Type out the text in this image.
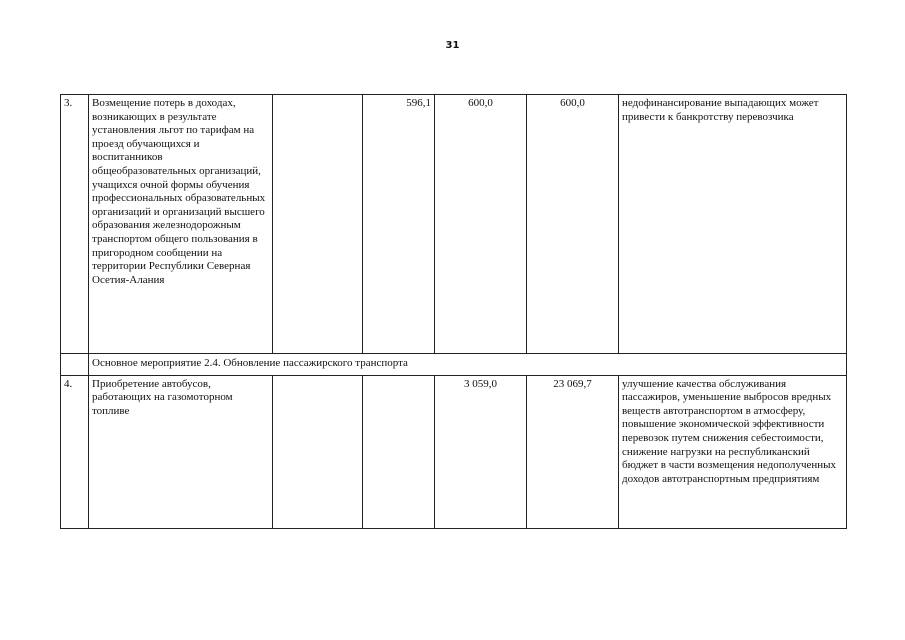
31
3.	Возмещение потерь в доходах, возникающих в результате установления льгот по тарифам на проезд обучающихся и воспитанников общеобразовательных организаций, учащихся очной формы обучения профессиональных образовательных организаций и организаций высшего образования железнодорожным транспортом общего пользования в пригородном сообщении на территории Республики Северная Осетия-Алания		596,1	600,0	600,0	недофинансирование выпадающих может привести к банкротству перевозчика
	Основное мероприятие 2.4. Обновление пассажирского транспорта					
4.	Приобретение автобусов, работающих на газомоторном топливе			3 059,0	23 069,7	улучшение качества обслуживания пассажиров, уменьшение выбросов вредных веществ автотранспортом в атмосферу, повышение экономической эффективности перевозок путем снижения себестоимости, снижение нагрузки на республиканский бюджет в части возмещения недополученных доходов автотранспортным предприятиям
